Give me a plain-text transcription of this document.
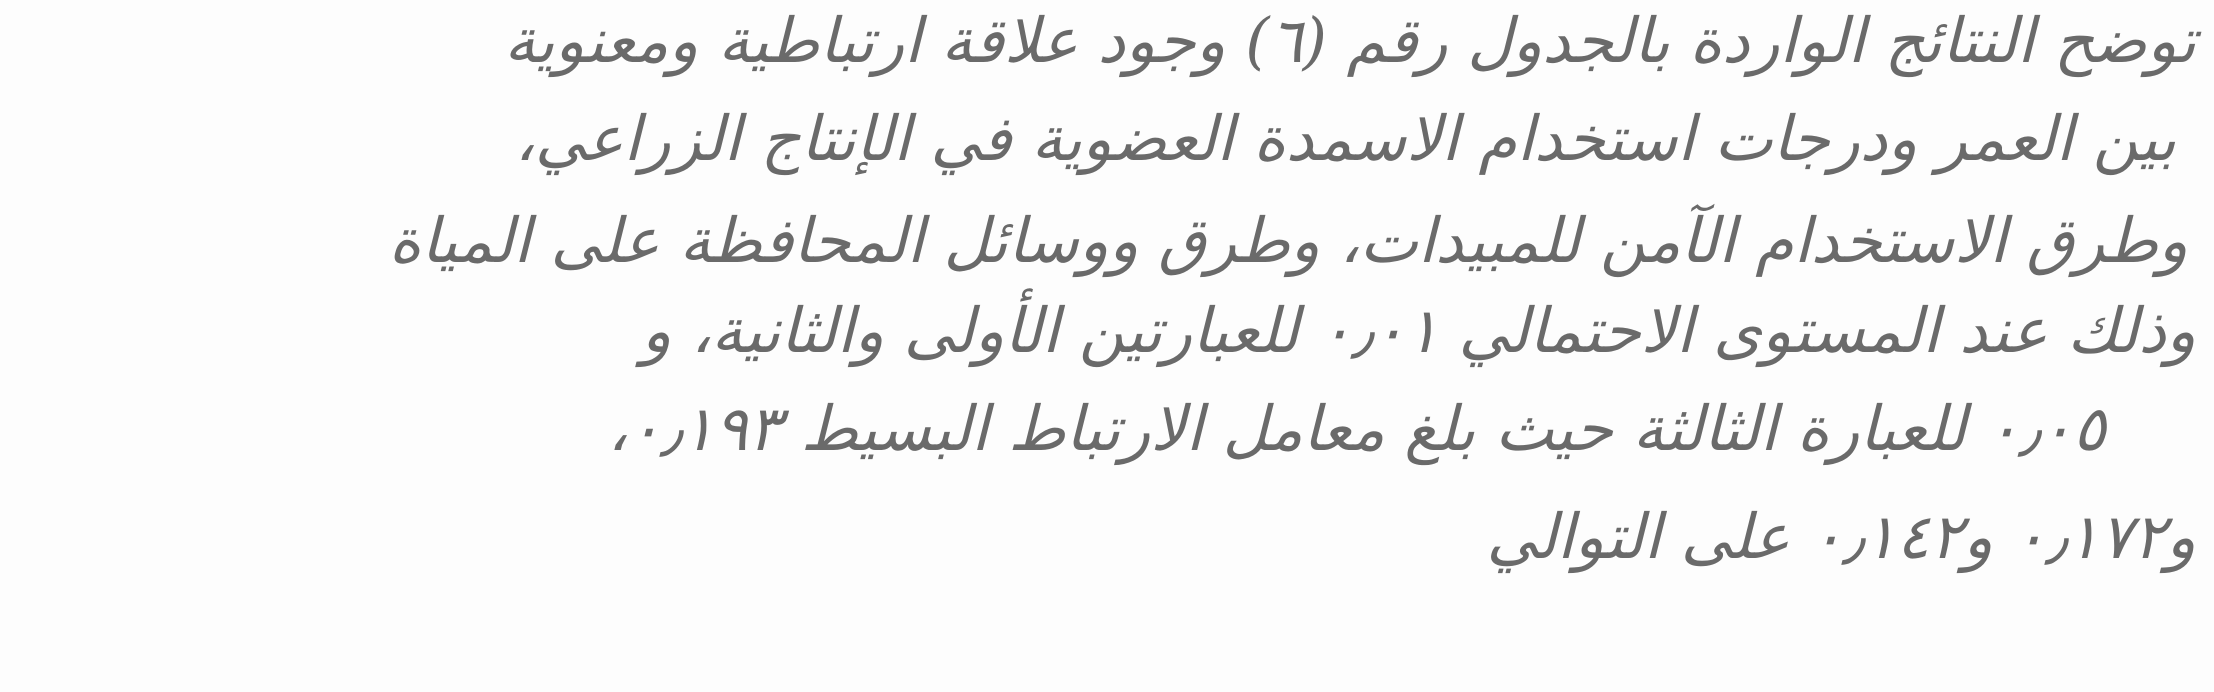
توضح النتائج الواردة بالجدول رقم (٦) وجود علاقة ارتباطية ومعنوية
بين العمر ودرجات استخدام الاسمدة العضوية في الإنتاج الزراعي،
وطرق الاستخدام الآمن للمبيدات، وطرق ووسائل المحافظة على المياة
وذلك عند المستوى الاحتمالي ٠٫٠١ للعبارتين الأولى والثانية، و
٠٫٠٥ للعبارة الثالثة حيث بلغ معامل الارتباط البسيط ٠٫١٩٣،
و٠٫١٧٢ و٠٫١٤٢ على التوالي
